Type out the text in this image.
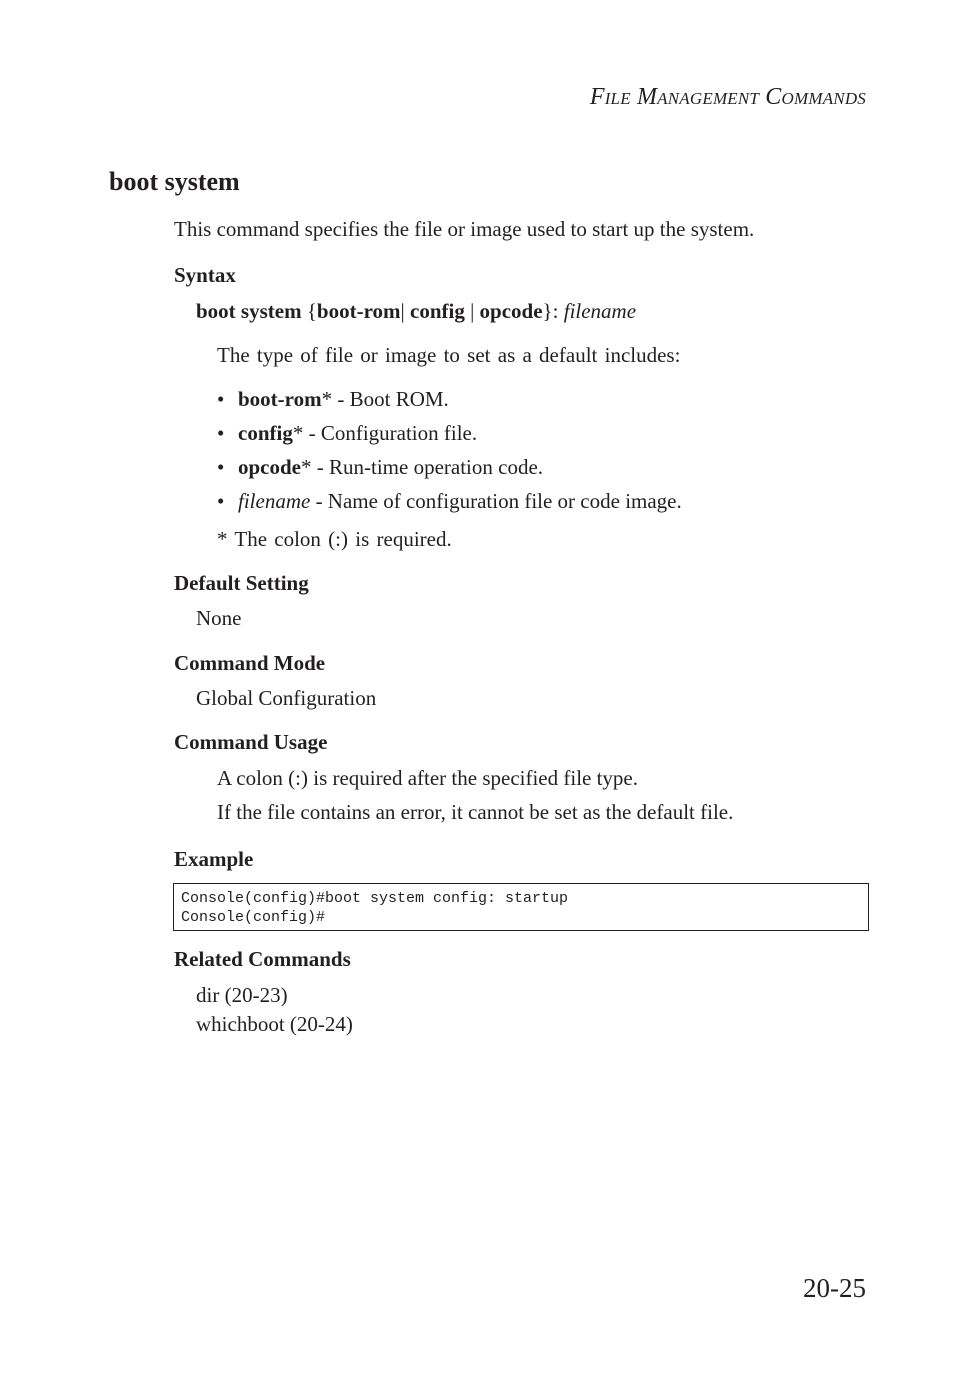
File Management Commands
boot system
This command specifies the file or image used to start up the system.
Syntax
boot system {boot-rom| config | opcode}: filename
The type of file or image to set as a default includes:
• boot-rom* - Boot ROM.
• config* - Configuration file.
• opcode* - Run-time operation code.
• filename - Name of configuration file or code image.
* The colon (:) is required.
Default Setting
None
Command Mode
Global Configuration
Command Usage
A colon (:) is required after the specified file type.
If the file contains an error, it cannot be set as the default file.
Example
Console(config)#boot system config: startup
Console(config)#
Related Commands
dir (20-23)
whichboot (20-24)
20-25
